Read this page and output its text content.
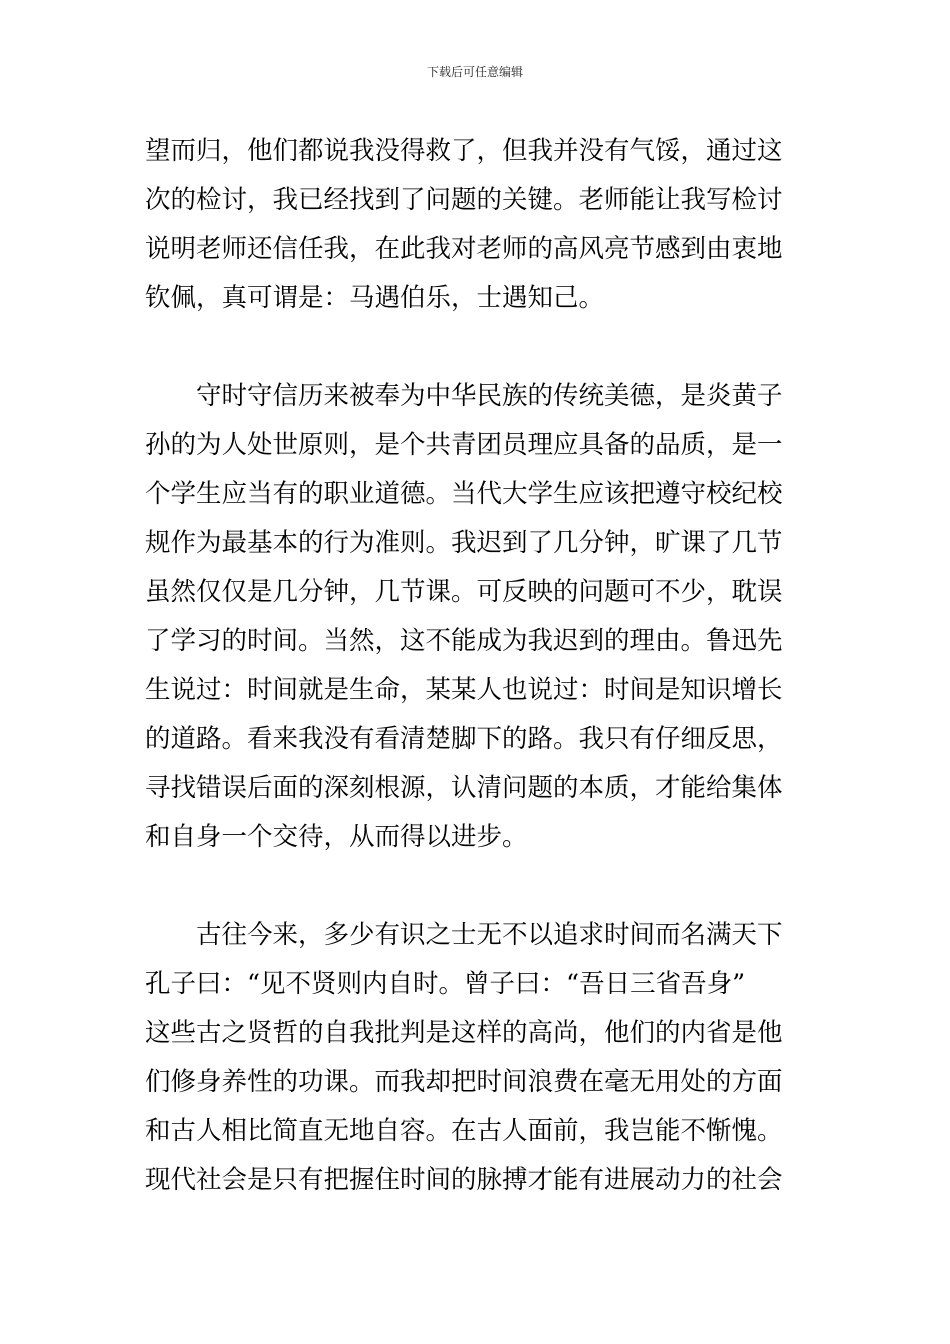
下载后可任意编辑
望而归，他们都说我没得救了，但我并没有气馁，通过这
次的检讨，我已经找到了问题的关键。老师能让我写检讨
说明老师还信任我，在此我对老师的高风亮节感到由衷地
钦佩，真可谓是：马遇伯乐，士遇知己。
　　守时守信历来被奉为中华民族的传统美德，是炎黄子
孙的为人处世原则，是个共青团员理应具备的品质，是一
个学生应当有的职业道德。当代大学生应该把遵守校纪校
规作为最基本的行为准则。我迟到了几分钟，旷课了几节
虽然仅仅是几分钟，几节课。可反映的问题可不少，耽误
了学习的时间。当然，这不能成为我迟到的理由。鲁迅先
生说过：时间就是生命，某某人也说过：时间是知识增长
的道路。看来我没有看清楚脚下的路。我只有仔细反思，
寻找错误后面的深刻根源，认清问题的本质，才能给集体
和自身一个交待，从而得以进步。
　　古往今来，多少有识之士无不以追求时间而名满天下
孔子曰：“见不贤则内自时。曾子曰：“吾日三省吾身”
这些古之贤哲的自我批判是这样的高尚，他们的内省是他
们修身养性的功课。而我却把时间浪费在毫无用处的方面
和古人相比简直无地自容。在古人面前，我岂能不惭愧。
现代社会是只有把握住时间的脉搏才能有进展动力的社会
